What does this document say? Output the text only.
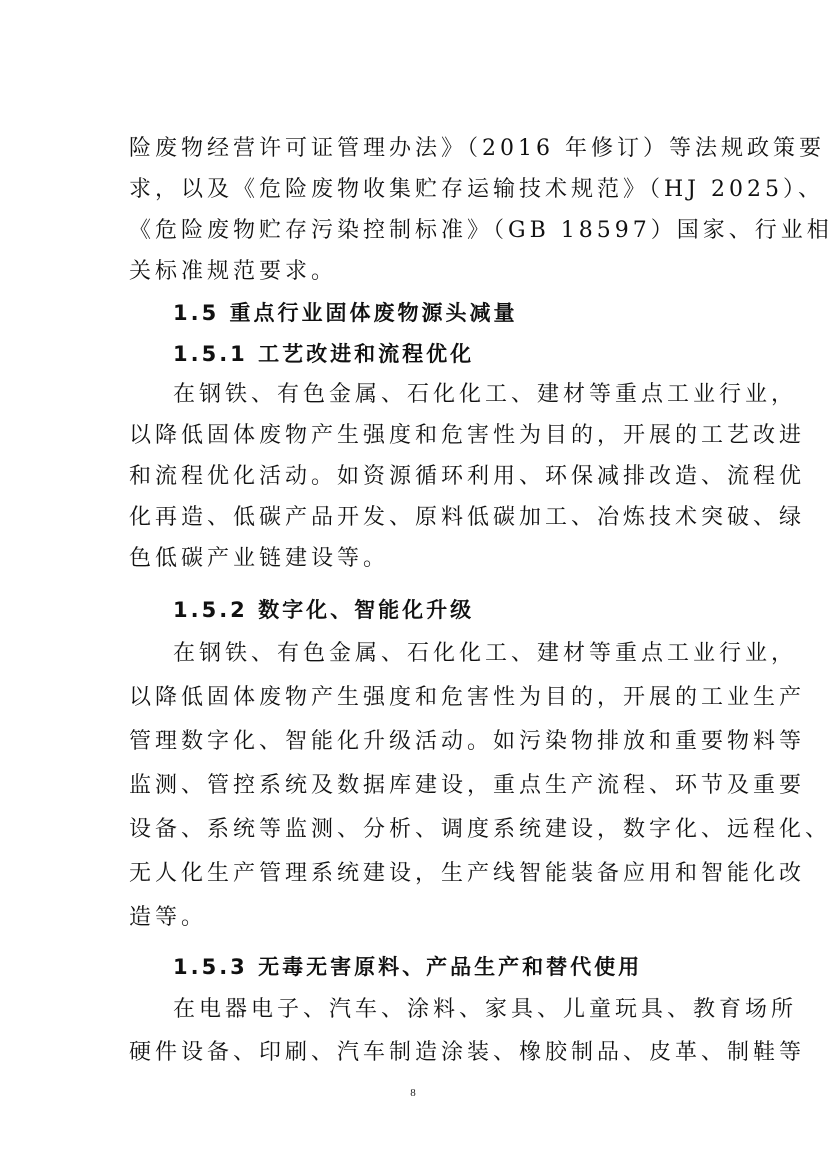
险废物经营许可证管理办法》（2016 年修订）等法规政策要
求，以及《危险废物收集贮存运输技术规范》（HJ 2025）、
《危险废物贮存污染控制标准》（GB 18597）国家、行业相
关标准规范要求。
1.5 重点行业固体废物源头减量
1.5.1 工艺改进和流程优化
在钢铁、有色金属、石化化工、建材等重点工业行业，
以降低固体废物产生强度和危害性为目的，开展的工艺改进
和流程优化活动。如资源循环利用、环保减排改造、流程优
化再造、低碳产品开发、原料低碳加工、冶炼技术突破、绿
色低碳产业链建设等。
1.5.2 数字化、智能化升级
在钢铁、有色金属、石化化工、建材等重点工业行业，
以降低固体废物产生强度和危害性为目的，开展的工业生产
管理数字化、智能化升级活动。如污染物排放和重要物料等
监测、管控系统及数据库建设，重点生产流程、环节及重要
设备、系统等监测、分析、调度系统建设，数字化、远程化、
无人化生产管理系统建设，生产线智能装备应用和智能化改
造等。
1.5.3 无毒无害原料、产品生产和替代使用
在电器电子、汽车、涂料、家具、儿童玩具、教育场所
硬件设备、印刷、汽车制造涂装、橡胶制品、皮革、制鞋等
8
